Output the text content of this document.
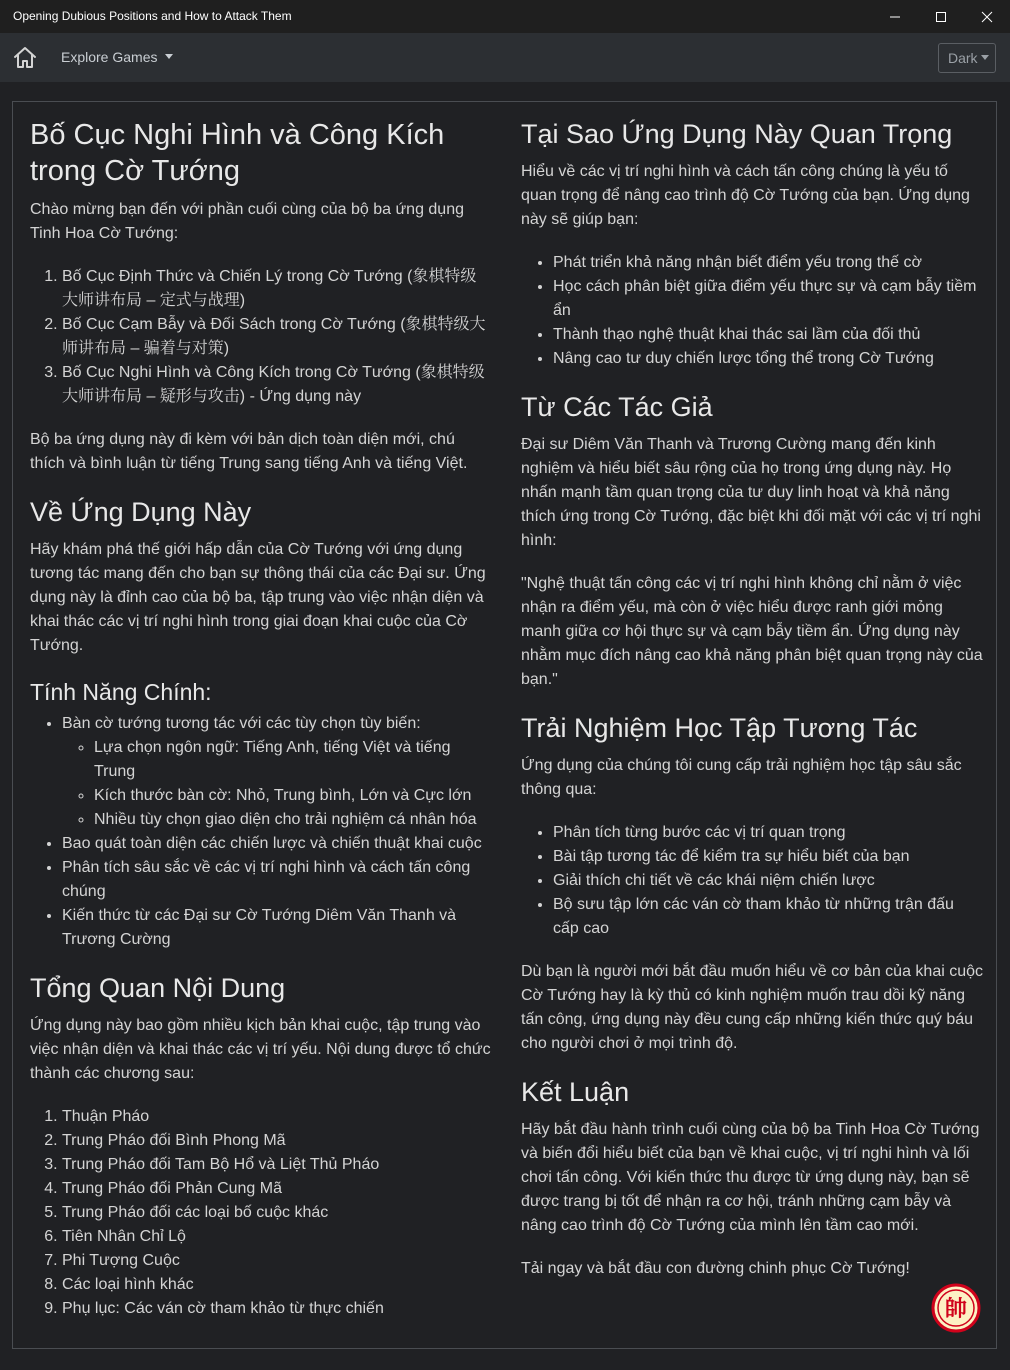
Opening Dubious Positions and How to Attack Them
Explore Games	Dark
Bố Cục Nghi Hình và Công Kích trong Cờ Tướng

Chào mừng bạn đến với phần cuối cùng của bộ ba ứng dụng Tinh Hoa Cờ Tướng:

1. Bố Cục Định Thức và Chiến Lý trong Cờ Tướng (象棋特级大师讲布局 – 定式与战理)
2. Bố Cục Cạm Bẫy và Đối Sách trong Cờ Tướng (象棋特级大师讲布局 – 骗着与对策)
3. Bố Cục Nghi Hình và Công Kích trong Cờ Tướng (象棋特级大师讲布局 – 疑形与攻击) - Ứng dụng này

Bộ ba ứng dụng này đi kèm với bản dịch toàn diện mới, chú thích và bình luận từ tiếng Trung sang tiếng Anh và tiếng Việt.

Về Ứng Dụng Này

Hãy khám phá thế giới hấp dẫn của Cờ Tướng với ứng dụng tương tác mang đến cho bạn sự thông thái của các Đại sư. Ứng dụng này là đỉnh cao của bộ ba, tập trung vào việc nhận diện và khai thác các vị trí nghi hình trong giai đoạn khai cuộc của Cờ Tướng.

Tính Năng Chính:
• Bàn cờ tướng tương tác với các tùy chọn tùy biến:
◦ Lựa chọn ngôn ngữ: Tiếng Anh, tiếng Việt và tiếng Trung
◦ Kích thước bàn cờ: Nhỏ, Trung bình, Lớn và Cực lớn
◦ Nhiều tùy chọn giao diện cho trải nghiệm cá nhân hóa
• Bao quát toàn diện các chiến lược và chiến thuật khai cuộc
• Phân tích sâu sắc về các vị trí nghi hình và cách tấn công chúng
• Kiến thức từ các Đại sư Cờ Tướng Diêm Văn Thanh và Trương Cường
Tổng Quan Nội Dung

Ứng dụng này bao gồm nhiều kịch bản khai cuộc, tập trung vào việc nhận diện và khai thác các vị trí yếu. Nội dung được tổ chức thành các chương sau:

1. Thuận Pháo
2. Trung Pháo đối Bình Phong Mã
3. Trung Pháo đối Tam Bộ Hổ và Liệt Thủ Pháo
4. Trung Pháo đối Phản Cung Mã
5. Trung Pháo đối các loại bố cuộc khác
6. Tiên Nhân Chỉ Lộ
7. Phi Tượng Cuộc
8. Các loại hình khác
9. Phụ lục: Các ván cờ tham khảo từ thực chiến
Tại Sao Ứng Dụng Này Quan Trọng

Hiểu về các vị trí nghi hình và cách tấn công chúng là yếu tố quan trọng để nâng cao trình độ Cờ Tướng của bạn. Ứng dụng này sẽ giúp bạn:

• Phát triển khả năng nhận biết điểm yếu trong thế cờ
• Học cách phân biệt giữa điểm yếu thực sự và cạm bẫy tiềm ẩn
• Thành thạo nghệ thuật khai thác sai lầm của đối thủ
• Nâng cao tư duy chiến lược tổng thể trong Cờ Tướng
Từ Các Tác Giả

Đại sư Diêm Văn Thanh và Trương Cường mang đến kinh nghiệm và hiểu biết sâu rộng của họ trong ứng dụng này. Họ nhấn mạnh tầm quan trọng của tư duy linh hoạt và khả năng thích ứng trong Cờ Tướng, đặc biệt khi đối mặt với các vị trí nghi hình:

"Nghệ thuật tấn công các vị trí nghi hình không chỉ nằm ở việc nhận ra điểm yếu, mà còn ở việc hiểu được ranh giới mỏng manh giữa cơ hội thực sự và cạm bẫy tiềm ẩn. Ứng dụng này nhằm mục đích nâng cao khả năng phân biệt quan trọng này của bạn."

Trải Nghiệm Học Tập Tương Tác

Ứng dụng của chúng tôi cung cấp trải nghiệm học tập sâu sắc thông qua:

• Phân tích từng bước các vị trí quan trọng
• Bài tập tương tác để kiểm tra sự hiểu biết của bạn
• Giải thích chi tiết về các khái niệm chiến lược
• Bộ sưu tập lớn các ván cờ tham khảo từ những trận đấu cấp cao

Dù bạn là người mới bắt đầu muốn hiểu về cơ bản của khai cuộc Cờ Tướng hay là kỳ thủ có kinh nghiệm muốn trau dồi kỹ năng tấn công, ứng dụng này đều cung cấp những kiến thức quý báu cho người chơi ở mọi trình độ.

Kết Luận

Hãy bắt đầu hành trình cuối cùng của bộ ba Tinh Hoa Cờ Tướng và biến đổi hiểu biết của bạn về khai cuộc, vị trí nghi hình và lối chơi tấn công. Với kiến thức thu được từ ứng dụng này, bạn sẽ được trang bị tốt để nhận ra cơ hội, tránh những cạm bẫy và nâng cao trình độ Cờ Tướng của mình lên tầm cao mới.

Tải ngay và bắt đầu con đường chinh phục Cờ Tướng!

帥
